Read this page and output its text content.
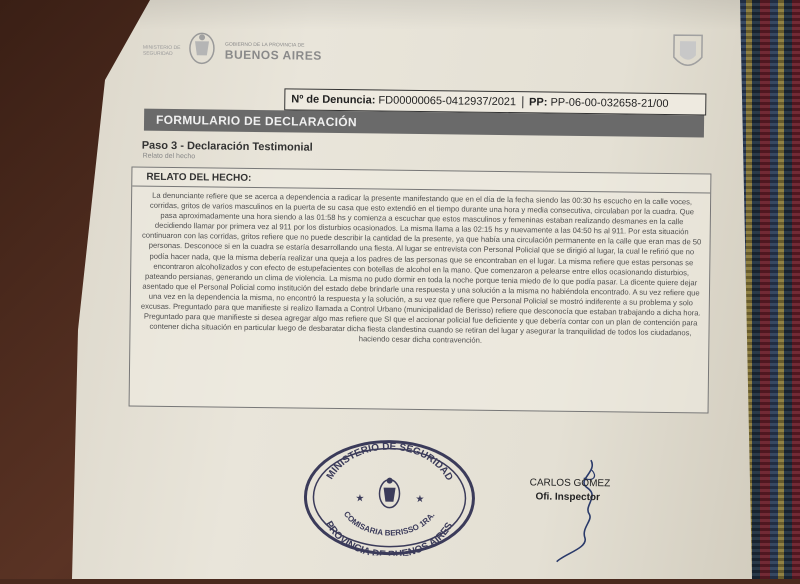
MINISTERIO DE SEGURIDAD
GOBIERNO DE LA PROVINCIA DE
BUENOS AIRES
Nº de Denuncia: FD00000065-0412937/2021	PP: PP-06-00-032658-21/00
FORMULARIO DE DECLARACIÓN
Paso 3 - Declaración Testimonial
Relato del hecho
RELATO DEL HECHO:
La denunciante refiere que se acerca a dependencia a radicar la presente manifestando que en el día de la fecha siendo las 00:30 hs escucho en la calle voces, corridas, gritos de varios masculinos en la puerta de su casa que esto extendió en el tiempo durante una hora y media consecutiva, circulaban por la cuadra. Que pasa aproximadamente una hora siendo a las 01:58 hs y comienza a escuchar que estos masculinos y femeninas estaban realizando desmanes en la calle decidiendo llamar por primera vez al 911 por los disturbios ocasionados. La misma llama a las 02:15 hs y nuevamente a las 04:50 hs al 911. Por esta situación continuaron con las corridas, gritos refiere que no puede describir la cantidad de la presente, ya que había una circulación permanente en la calle que eran mas de 50 personas. Desconoce si en la cuadra se estaría desarrollando una fiesta. Al lugar se entrevista con Personal Policial que se dirigió al lugar, la cual le refirió que no podía hacer nada, que la misma debería realizar una queja a los padres de las personas que se encontraban en el lugar. La misma refiere que estas personas se encontraron alcoholizados y con efecto de estupefacientes con botellas de alcohol en la mano. Que comenzaron a pelearse entre ellos ocasionando disturbios, pateando persianas, generando un clima de violencia. La misma no pudo dormir en toda la noche porque tenia miedo de lo que podía pasar. La dicente quiere dejar asentado que el Personal Policial como institución del estado debe brindarle una respuesta y una solución a la misma no habiéndola encontrado. A su vez refiere que una vez en la dependencia la misma, no encontró la respuesta y la solución, a su vez que refiere que Personal Policial se mostró indiferente a su problema y solo excusas. Preguntado para que manifieste si realizo llamada a Control Urbano (municipalidad de Berisso) refiere que desconocía que estaban trabajando a dicha hora. Preguntado para que manifieste si desea agregar algo mas refiere que SI que el accionar policial fue deficiente y que debería contar con un plan de contención para contener dicha situación en particular luego de desbaratar dicha fiesta clandestina cuando se retiran del lugar y asegurar la tranquilidad de todos los ciudadanos, haciendo cesar dicha contravención.
MINISTERIO DE SEGURIDAD
COMISARIA BERISSO 1RA.
PROVINCIA DE BUENOS AIRES
★	★
CARLOS GOMEZ
Ofi. Inspector
